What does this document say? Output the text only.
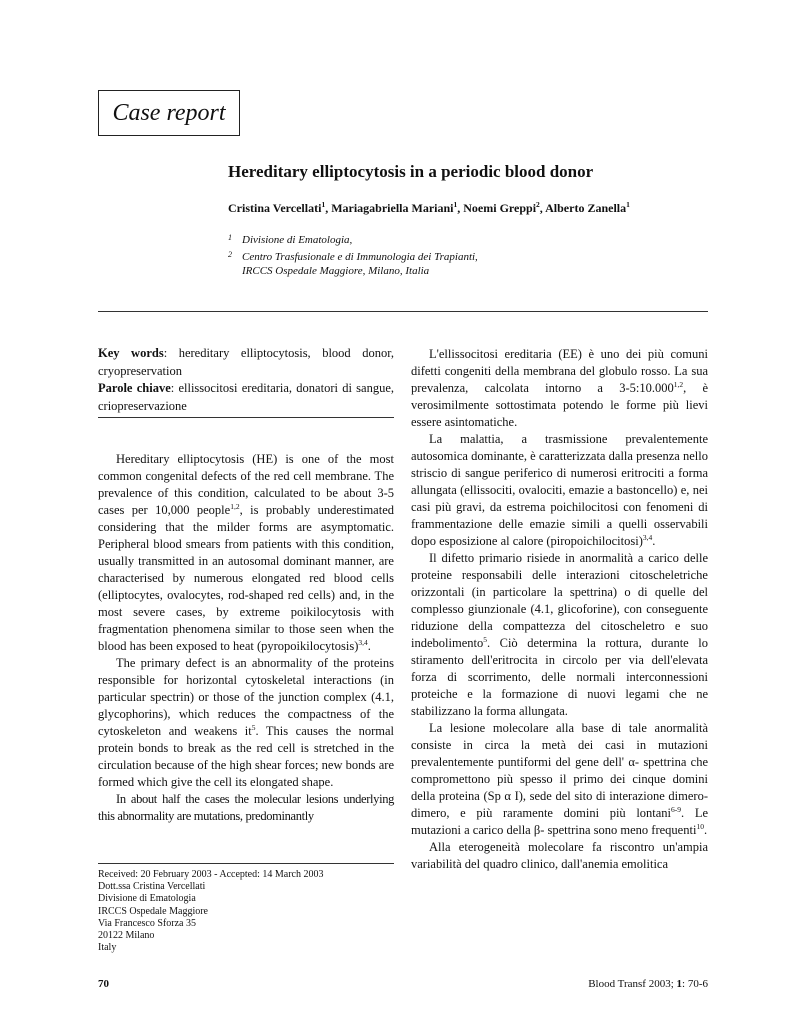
Case report
Hereditary elliptocytosis in a periodic blood donor
Cristina Vercellati$^1$, Mariagabriella Mariani$^1$, Noemi Greppi$^2$, Alberto Zanella$^1$
1 Divisione di Ematologia,
2 Centro Trasfusionale e di Immunologia dei Trapianti,
IRCCS Ospedale Maggiore, Milano, Italia
Key words: hereditary elliptocytosis, blood donor, cryopreservation
Parole chiave: ellissocitosi ereditaria, donatori di sangue, criopreservazione

Hereditary elliptocytosis (HE) is one of the most common congenital defects of the red cell membrane. The prevalence of this condition, calculated to be about 3-5 cases per 10,000 people$^{1,2}$, is probably underestimated considering that the milder forms are asymptomatic. Peripheral blood smears from patients with this condition, usually transmitted in an autosomal dominant manner, are characterised by numerous elongated red blood cells (elliptocytes, ovalocytes, rod-shaped red cells) and, in the most severe cases, by extreme poikilocytosis with fragmentation phenomena similar to those seen when the blood has been exposed to heat (pyropoikilocytosis)$^{3,4}$.

The primary defect is an abnormality of the proteins responsible for horizontal cytoskeletal interactions (in particular spectrin) or those of the junction complex (4.1, glycophorins), which reduces the compactness of the cytoskeleton and weakens $it^5$. This causes the normal protein bonds to break as the red cell is stretched in the circulation because of the high shear forces; new bonds are formed which give the cell its elongated shape.

In about half the cases the molecular lesions underlying this abnormality are mutations, predominantly

Received: 20 February 2003 - Accepted: 14 March 2003
Dott.ssa Cristina Vercellati
Divisione di Ematologia
IRCCS Ospedale Maggiore
Via Francesco Sforza 35
20122 Milano
Italy

L'ellissocitosi ereditaria (EE) è uno dei più comuni difetti congeniti della membrana del globulo rosso. La sua prevalenza, calcolata intorno a 3-5:10.000$^{1,2}$, è verosimilmente sottostimata potendo le forme più lievi essere asintomatiche.

La malattia, a trasmissione prevalentemente autosomica dominante, è caratterizzata dalla presenza nello striscio di sangue periferico di numerosi eritrociti a forma allungata (ellissociti, ovalociti, emazie a bastoncello) e, nei casi più gravi, da estrema poichilocitosi con fenomeni di frammentazione delle emazie simili a quelli osservabili dopo esposizione al calore (piropoichilocitosi)$^{3,4}$.

Il difetto primario risiede in anormalità a carico delle proteine responsabili delle interazioni citoscheletriche orizzontali (in particolare la spettrina) o di quelle del complesso giunzionale (4.1, glicoforine), con conseguente riduzione della compattezza del citoscheletro e suo indebolimento$^5$. Ciò determina la rottura, durante lo stiramento dell'eritrocita in circolo per via dell'elevata forza di scorrimento, delle normali interconnessioni proteiche e la formazione di nuovi legami che ne stabilizzano la forma allungata.

La lesione molecolare alla base di tale anormalità consiste in circa la metà dei casi in mutazioni prevalentemente puntiformi del gene dell' α- spettrina che compromettono più spesso il primo dei cinque domini della proteina (Sp α I), sede del sito di interazione dimero-dimero, e più raramente domini più lontani$^{6-9}$. Le mutazioni a carico della β- spettrina sono meno frequenti$^{10}$.

Alla eterogeneità molecolare fa riscontro un'ampia variabilità del quadro clinico, dall'anemia emolitica

70	Blood Transf 2003; 1: 70-6
